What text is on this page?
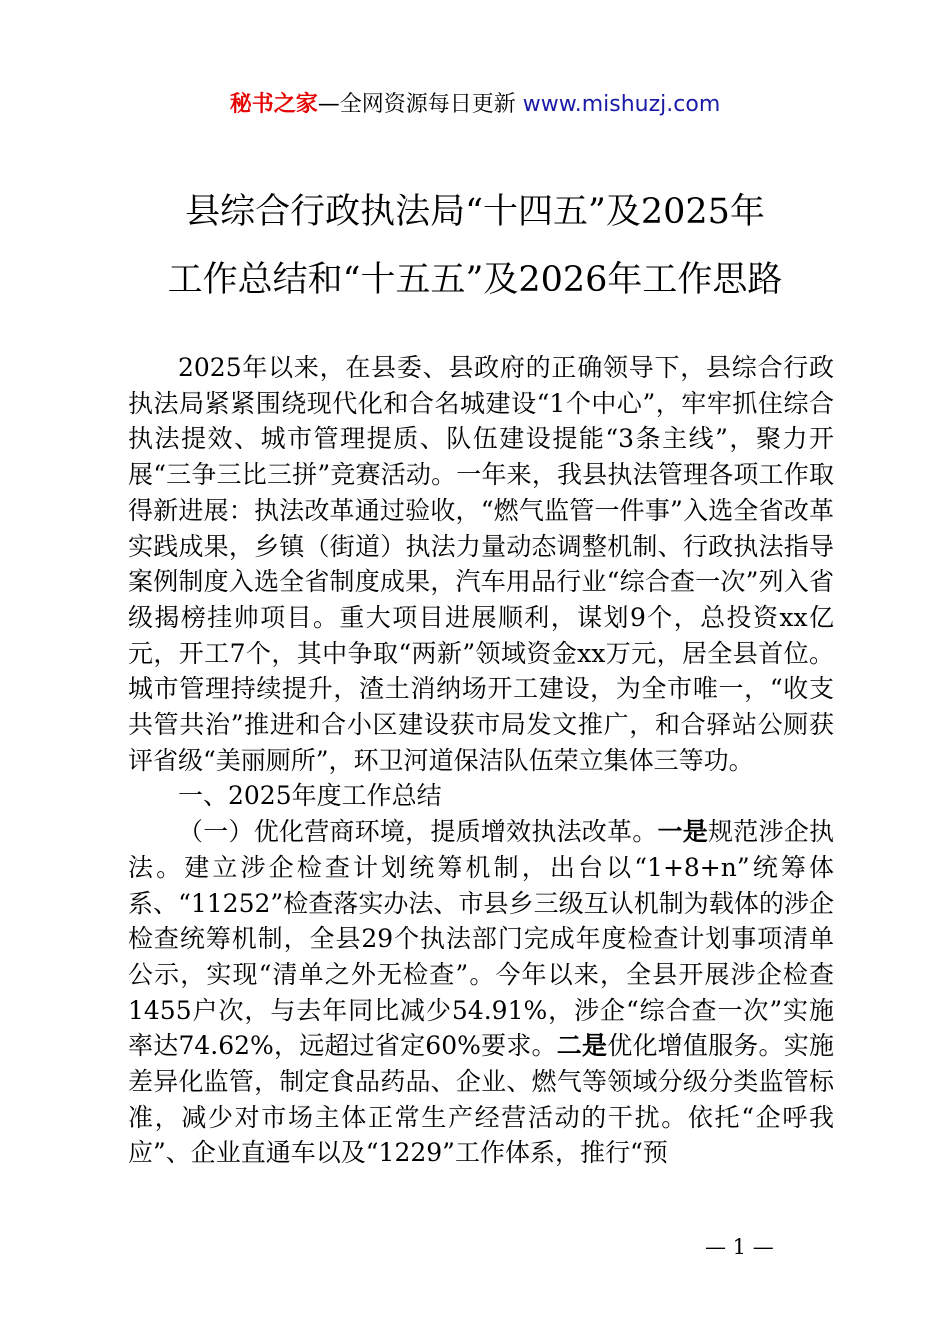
秘书之家—全网资源每日更新 www.mishuzj.com
县综合行政执法局“十四五”及2025年
工作总结和“十五五”及2026年工作思路

2025年以来，在县委、县政府的正确领导下，县综合行政执法局紧紧围绕现代化和合名城建设“1个中心”，牢牢抓住综合执法提效、城市管理提质、队伍建设提能“3条主线”，聚力开展“三争三比三拼”竞赛活动。一年来，我县执法管理各项工作取得新进展：执法改革通过验收，“燃气监管一件事”入选全省改革实践成果，乡镇（街道）执法力量动态调整机制、行政执法指导案例制度入选全省制度成果，汽车用品行业“综合查一次”列入省级揭榜挂帅项目。重大项目进展顺利，谋划9个，总投资xx亿元，开工7个，其中争取“两新”领域资金xx万元，居全县首位。城市管理持续提升，渣土消纳场开工建设，为全市唯一，“收支共管共治”推进和合小区建设获市局发文推广，和合驿站公厕获评省级“美丽厕所”，环卫河道保洁队伍荣立集体三等功。

一、2025年度工作总结

（一）优化营商环境，提质增效执法改革。一是规范涉企执法。建立涉企检查计划统筹机制，出台以“1+8+n”统筹体系、“11252”检查落实办法、市县乡三级互认机制为载体的涉企检查统筹机制，全县29个执法部门完成年度检查计划事项清单公示，实现“清单之外无检查”。今年以来，全县开展涉企检查1455户次，与去年同比减少54.91%，涉企“综合查一次”实施率达74.62%，远超过省定60%要求。二是优化增值服务。实施差异化监管，制定食品药品、企业、燃气等领域分级分类监管标准，减少对市场主体正常生产经营活动的干扰。依托“企呼我应”、企业直通车以及“1229”工作体系，推行“预

— 1 —
